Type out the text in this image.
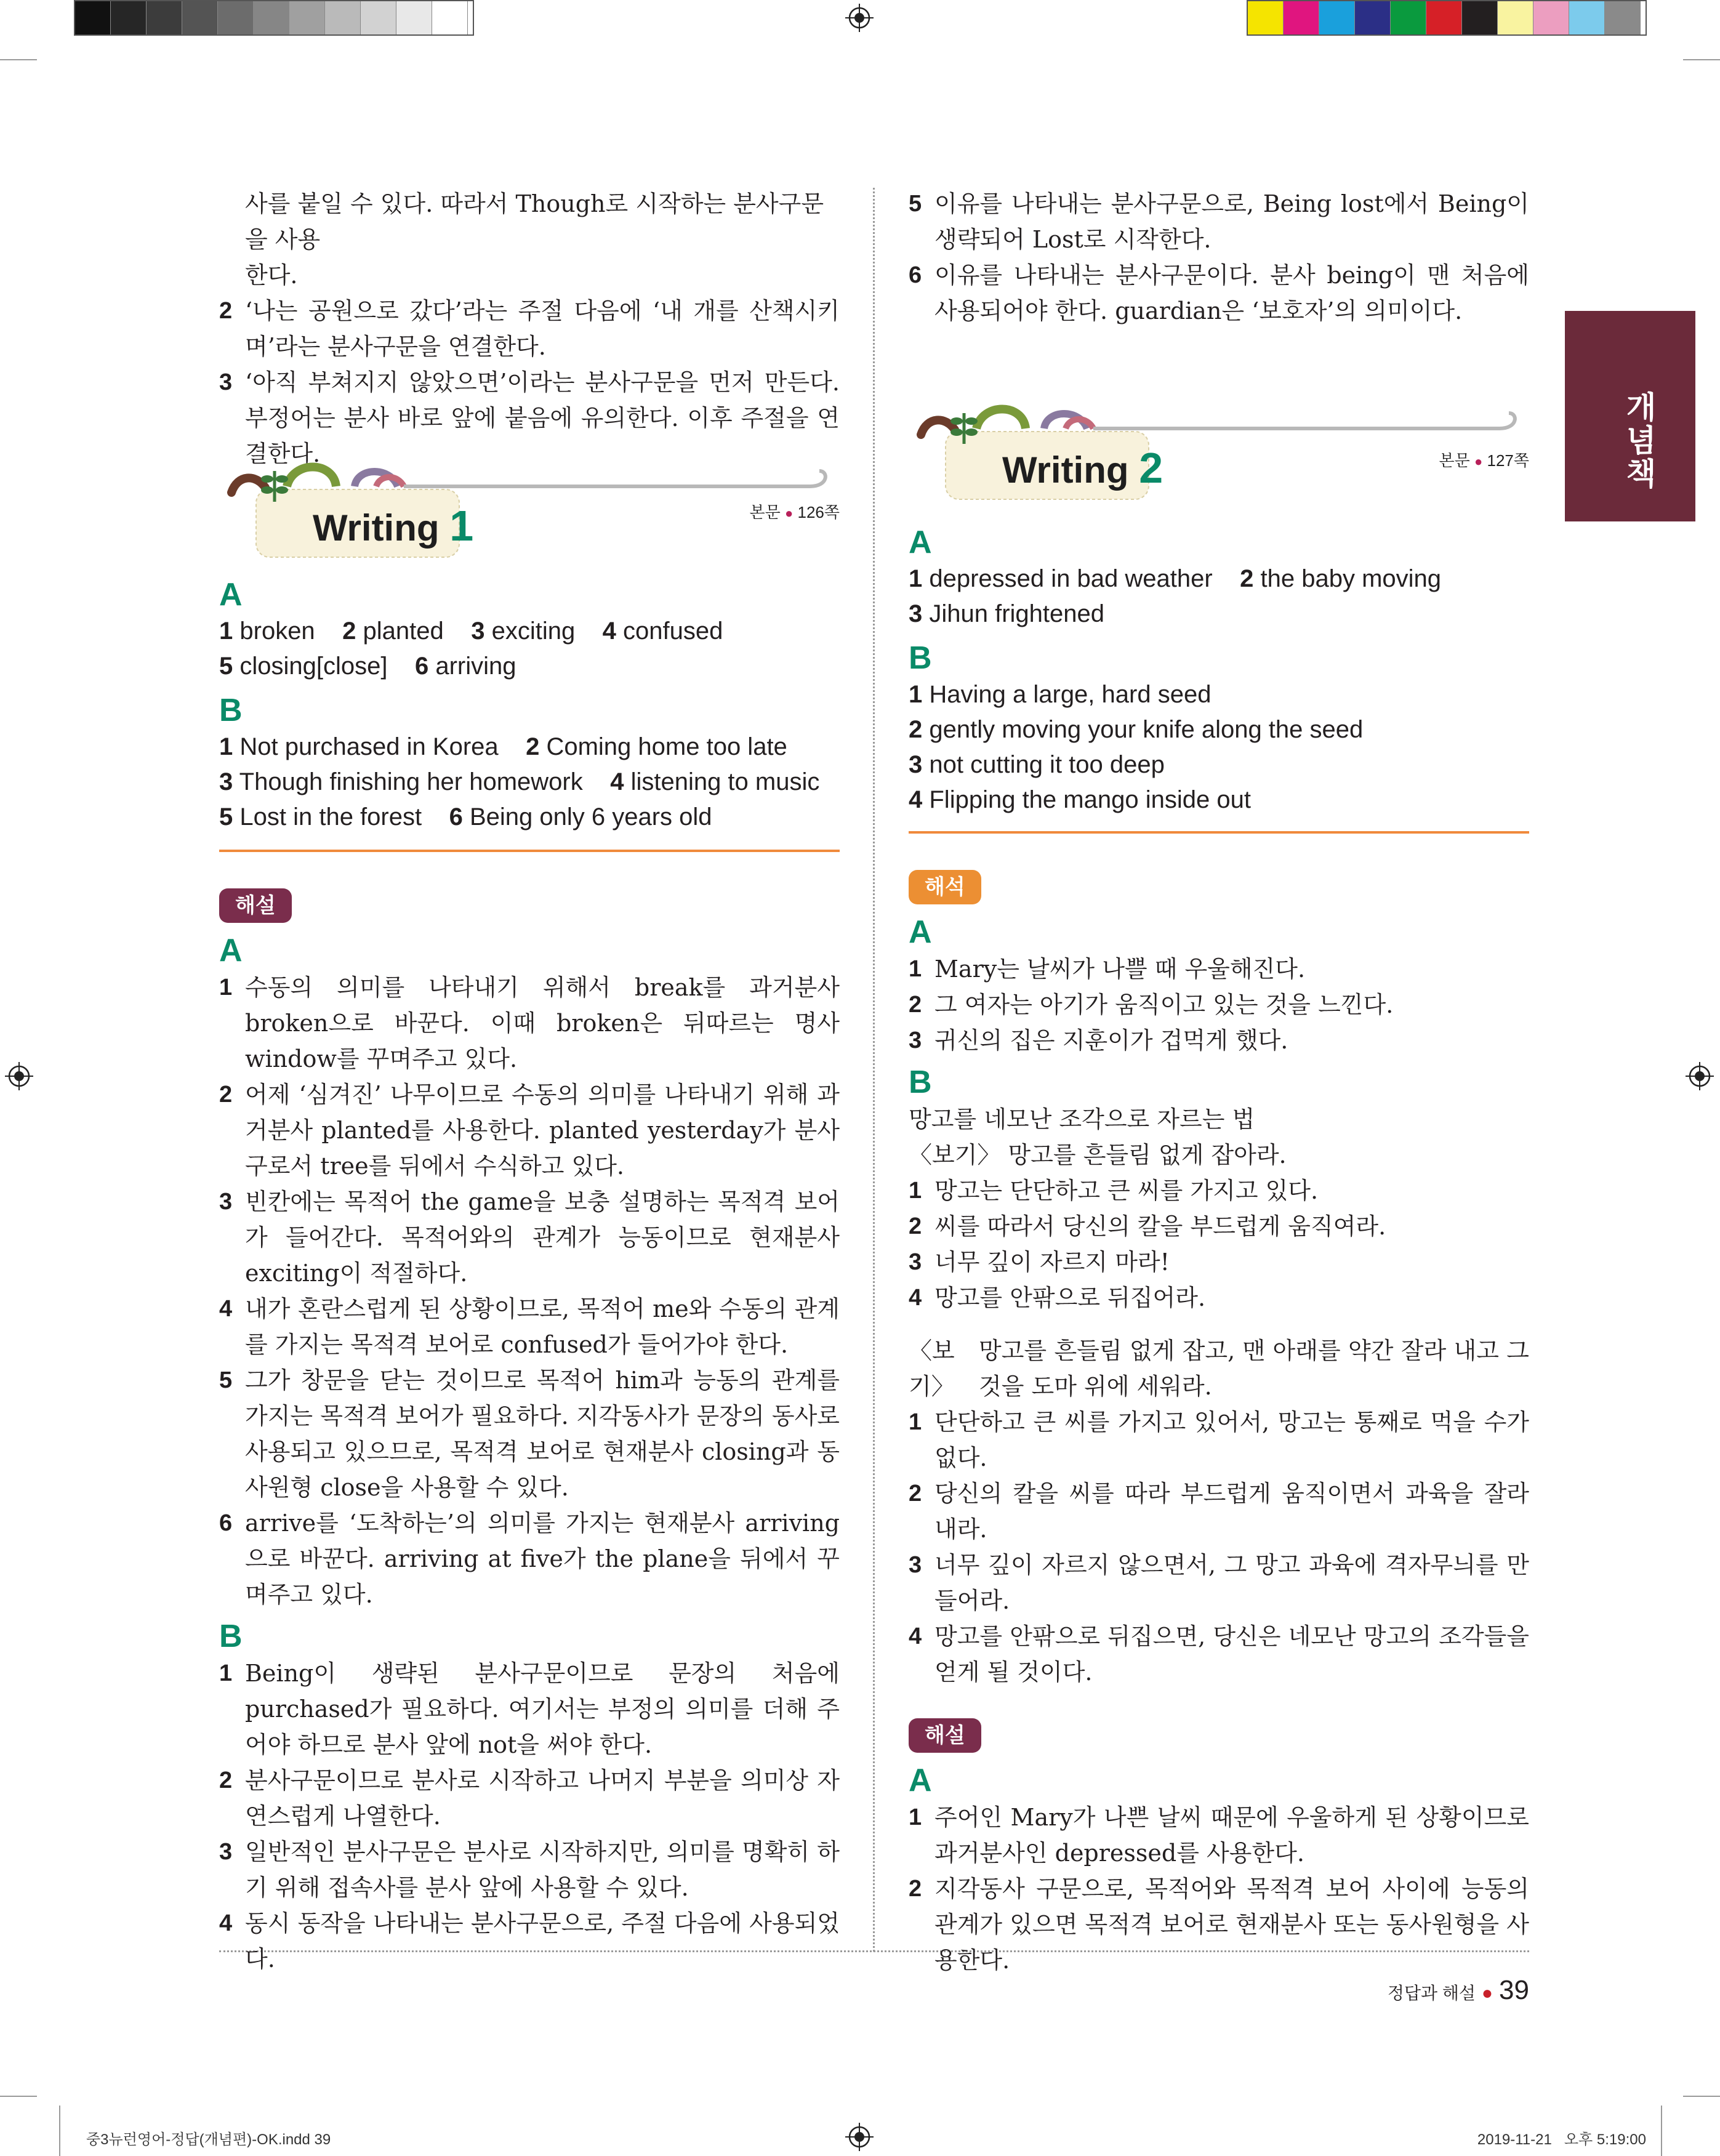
개념책

사를 붙일 수 있다. 따라서 Though로 시작하는 분사구문을 사용

한다.

2 ‘나는 공원으로 갔다’라는 주절 다음에 ‘내 개를 산책시키며’라는 분사구문을 연결한다.
3 ‘아직 부쳐지지 않았으면’이라는 분사구문을 먼저 만든다. 부정어는 분사 바로 앞에 붙음에 유의한다. 이후 주절을 연결한다.
Writing 1	본문 ● 126쪽
A
1 broken 2 planted 3 exciting 4 confused
5 closing[close] 6 arriving
B
1 Not purchased in Korea 2 Coming home too late
3 Though finishing her homework 4 listening to music
5 Lost in the forest 6 Being only 6 years old
해설
A
1 수동의 의미를 나타내기 위해서 break를 과거분사 broken으로 바꾼다. 이때 broken은 뒤따르는 명사 window를 꾸며주고 있다.
2 어제 ‘심겨진’ 나무이므로 수동의 의미를 나타내기 위해 과거분사 planted를 사용한다. planted yesterday가 분사구로서 tree를 뒤에서 수식하고 있다.
3 빈칸에는 목적어 the game을 보충 설명하는 목적격 보어가 들어간다. 목적어와의 관계가 능동이므로 현재분사 exciting이 적절하다.
4 내가 혼란스럽게 된 상황이므로, 목적어 me와 수동의 관계를 가지는 목적격 보어로 confused가 들어가야 한다.
5 그가 창문을 닫는 것이므로 목적어 him과 능동의 관계를 가지는 목적격 보어가 필요하다. 지각동사가 문장의 동사로 사용되고 있으므로, 목적격 보어로 현재분사 closing과 동사원형 close을 사용할 수 있다.
6 arrive를 ‘도착하는’의 의미를 가지는 현재분사 arriving으로 바꾼다. arriving at five가 the plane을 뒤에서 꾸며주고 있다.
B
1 Being이 생략된 분사구문이므로 문장의 처음에 purchased가 필요하다. 여기서는 부정의 의미를 더해 주어야 하므로 분사 앞에 not을 써야 한다.
2 분사구문이므로 분사로 시작하고 나머지 부분을 의미상 자연스럽게 나열한다.
3 일반적인 분사구문은 분사로 시작하지만, 의미를 명확히 하기 위해 접속사를 분사 앞에 사용할 수 있다.
4 동시 동작을 나타내는 분사구문으로, 주절 다음에 사용되었다.
5 이유를 나타내는 분사구문으로, Being lost에서 Being이 생략되어 Lost로 시작한다.
6 이유를 나타내는 분사구문이다. 분사 being이 맨 처음에 사용되어야 한다. guardian은 ‘보호자’의 의미이다.
Writing 2	본문 ● 127쪽
A
1 depressed in bad weather 2 the baby moving
3 Jihun frightened
B
1 Having a large, hard seed
2 gently moving your knife along the seed
3 not cutting it too deep
4 Flipping the mango inside out
해석
A
1 Mary는 날씨가 나쁠 때 우울해진다.
2 그 여자는 아기가 움직이고 있는 것을 느낀다.
3 귀신의 집은 지훈이가 겁먹게 했다.
B

망고를 네모난 조각으로 자르는 법

〈보기〉 망고를 흔들림 없게 잡아라.

1 망고는 단단하고 큰 씨를 가지고 있다.
2 씨를 따라서 당신의 칼을 부드럽게 움직여라.
3 너무 깊이 자르지 마라!
4 망고를 안팎으로 뒤집어라.
〈보기〉
망고를 흔들림 없게 잡고, 맨 아래를 약간 잘라 내고 그것을 도마 위에 세워라.
1 단단하고 큰 씨를 가지고 있어서, 망고는 통째로 먹을 수가 없다.
2 당신의 칼을 씨를 따라 부드럽게 움직이면서 과육을 잘라 내라.
3 너무 깊이 자르지 않으면서, 그 망고 과육에 격자무늬를 만들어라.
4 망고를 안팎으로 뒤집으면, 당신은 네모난 망고의 조각들을 얻게 될 것이다.
해설
A
1 주어인 Mary가 나쁜 날씨 때문에 우울하게 된 상황이므로 과거분사인 depressed를 사용한다.
2 지각동사 구문으로, 목적어와 목적격 보어 사이에 능동의 관계가 있으면 목적격 보어로 현재분사 또는 동사원형을 사용한다.
정답과 해설 ● 39
중3뉴런영어-정답(개념편)-OK.indd 39	2019-11-21 오후 5:19:00
